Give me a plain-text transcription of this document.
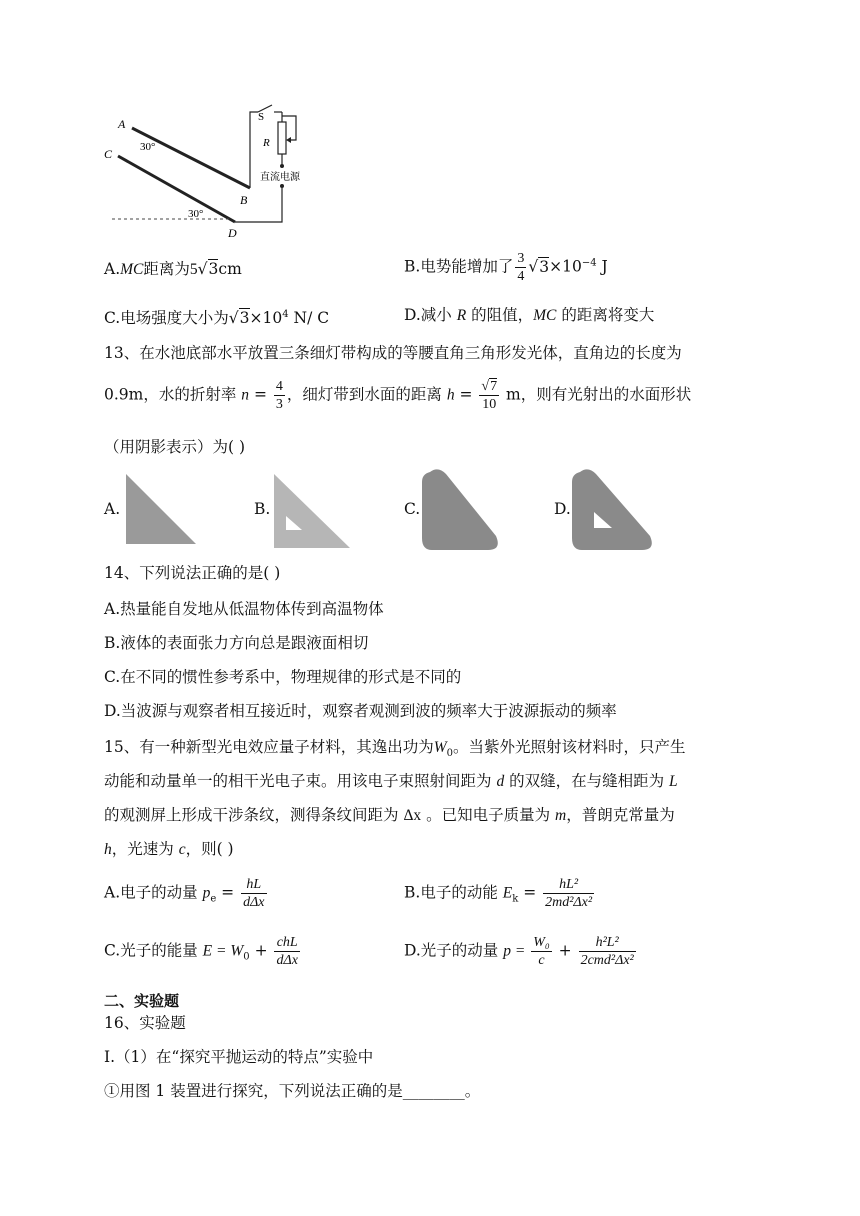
A
C
B
D
S
R
30°
30°
直流电源
A.MC距离为5√3cm	B.电势能增加了 $\frac{3}{4} √3\times 10^{-4}$ J
C.电场强度大小为$√3\times 10^4$ N/ C	D.减小 R 的阻值，MC 的距离将变大
13、在水池底部水平放置三条细灯带构成的等腰直角三角形发光体，直角边的长度为
0.9m，水的折射率 $n = \frac{4}{3}$ ，细灯带到水面的距离 $h = \frac{√7}{10}$ m，则有光射出的水面形状
（用阴影表示）为( )
A.	B.	C.	D.
14、下列说法正确的是( )
A.热量能自发地从低温物体传到高温物体
B.液体的表面张力方向总是跟液面相切
C.在不同的惯性参考系中，物理规律的形式是不同的
D.当波源与观察者相互接近时，观察者观测到波的频率大于波源振动的频率
15、有一种新型光电效应量子材料，其逸出功为$W_0$。当紫外光照射该材料时，只产生
动能和动量单一的相干光电子束。用该电子束照射间距为 d 的双缝，在与缝相距为 L
的观测屏上形成干涉条纹，测得条纹间距为 Δx 。已知电子质量为 m，普朗克常量为
h，光速为 c，则( )
A.电子的动量 $p_e = \frac{hL}{\text{dΔx}}$	B.电子的动能 $E_k = \frac{\text{hL²}}{\text{2md²Δx²}}$
C.光子的能量 $E = W_0 + \frac{\text{chL}}{\text{dΔx}}$	D.光子的动量 $p = \frac{\text{W₀}}{c} + \frac{\text{h²L²}}{\text{2cmd²Δx²}}$
二、实验题
16、实验题
Ⅰ.（1）在“探究平抛运动的特点”实验中
①用图 1 装置进行探究，下列说法正确的是________。
